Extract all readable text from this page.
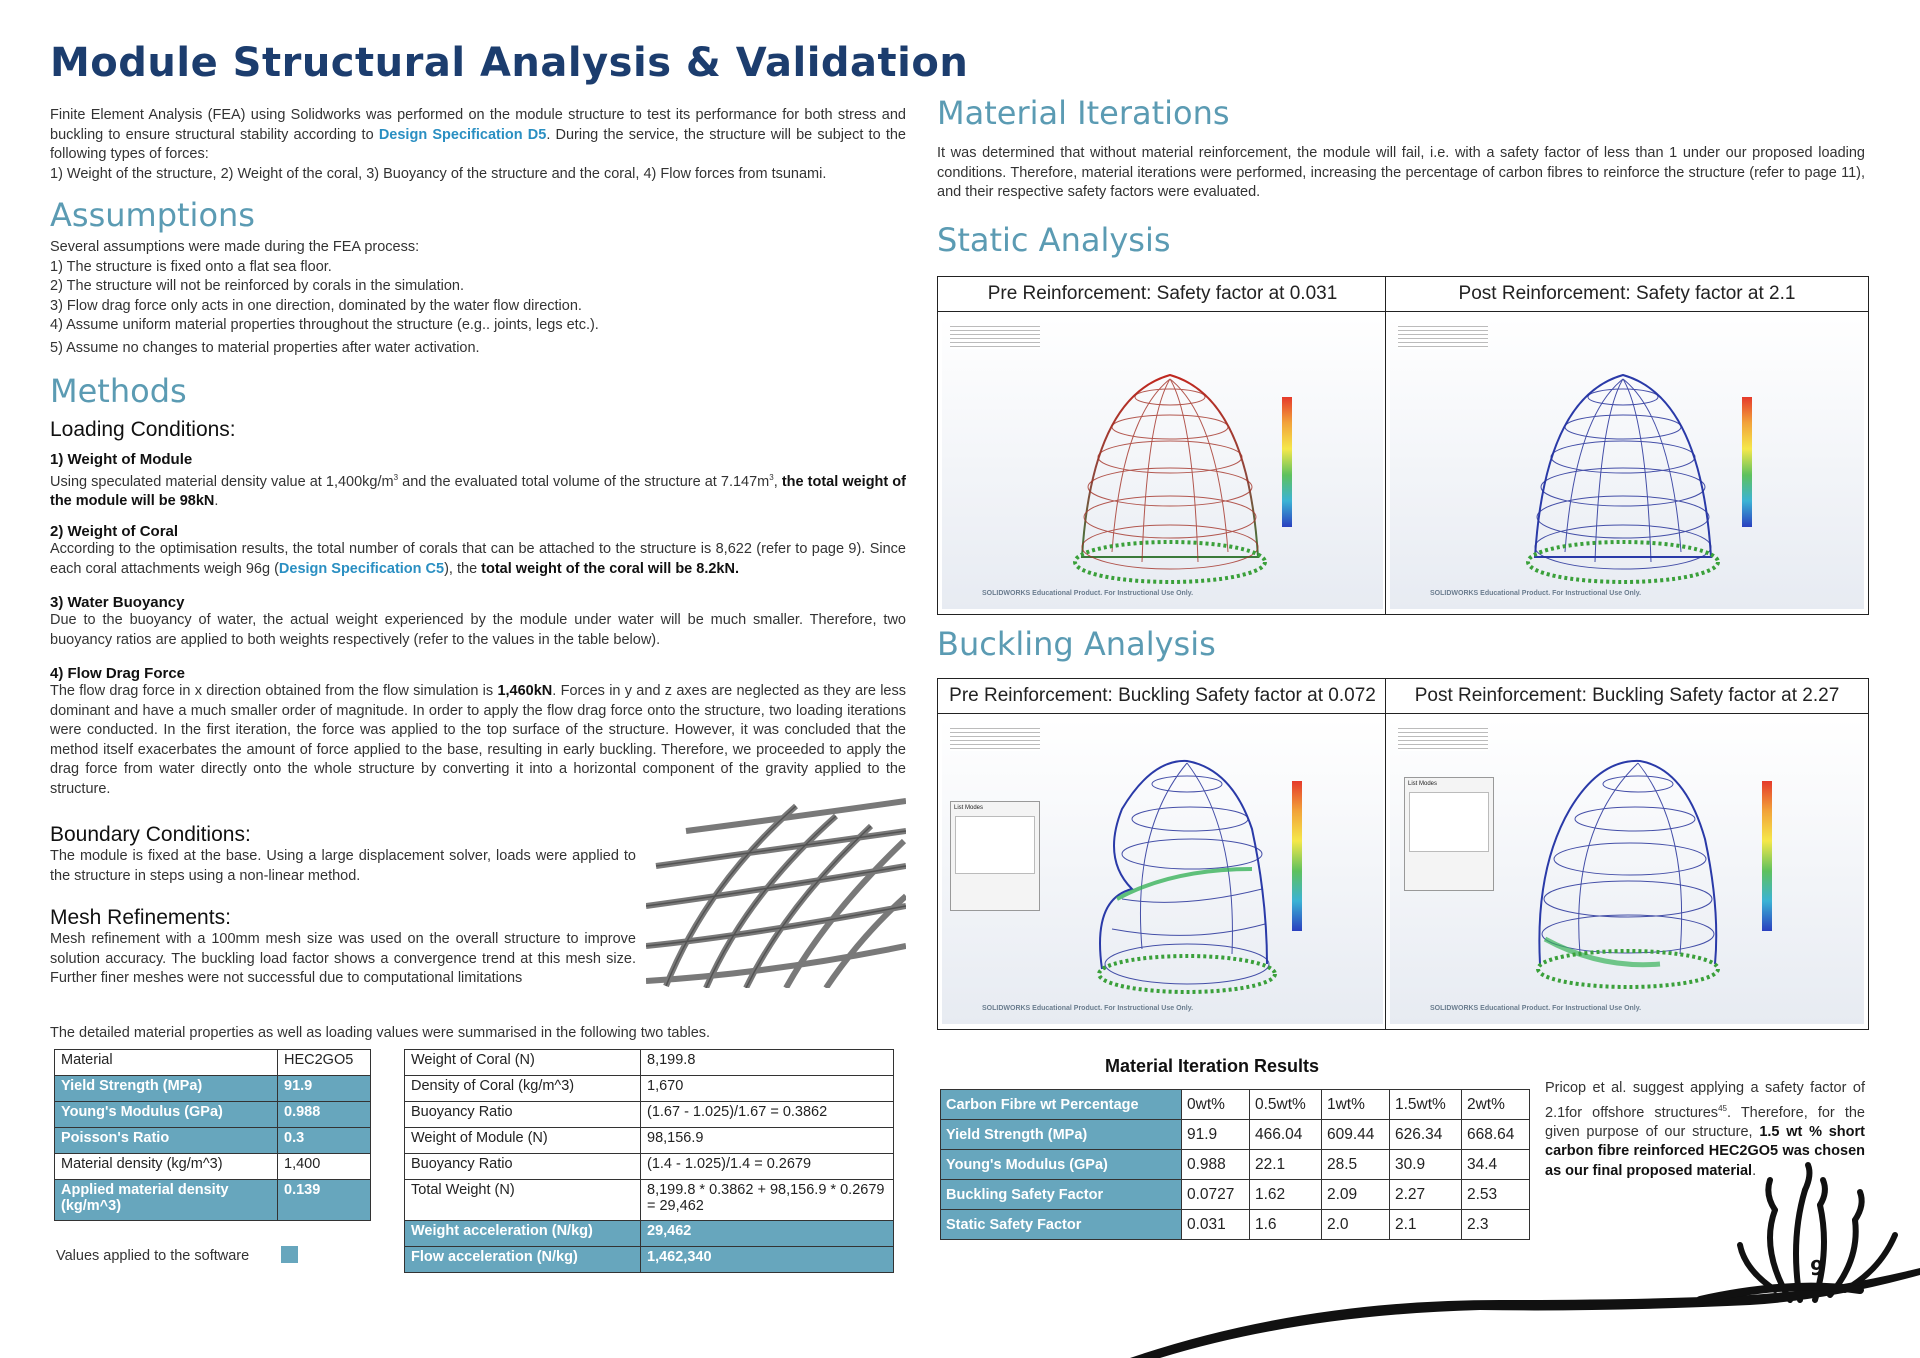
Module Structural Analysis & Validation

Finite Element Analysis (FEA) using Solidworks was performed on the module structure to test its performance for both stress and buckling to ensure structural stability according to Design Specification D5. During the service, the structure will be subject to the following types of forces:
1) Weight of the structure, 2) Weight of the coral, 3) Buoyancy of the structure and the coral, 4) Flow forces from tsunami.

Assumptions

Several assumptions were made during the FEA process:
1) The structure is fixed onto a flat sea floor.
2) The structure will not be reinforced by corals in the simulation.
3) Flow drag force only acts in one direction, dominated by the water flow direction.
4) Assume uniform material properties throughout the structure (e.g.. joints, legs etc.).
5) Assume no changes to material properties after water activation.

Methods
Loading Conditions:

1) Weight of Module

Using speculated material density value at $1,400kg/m^3$ and the evaluated total volume of the structure at $7.147m^3$, the total weight of the module will be 98kN.

2) Weight of Coral

According to the optimisation results, the total number of corals that can be attached to the structure is 8,622 (refer to page 9). Since each coral attachments weigh 96g (Design Specification C5), the total weight of the coral will be 8.2kN.

3) Water Buoyancy

Due to the buoyancy of water, the actual weight experienced by the module under water will be much smaller. Therefore, two buoyancy ratios are applied to both weights respectively (refer to the values in the table below).

4) Flow Drag Force

The flow drag force in x direction obtained from the flow simulation is 1,460kN. Forces in y and z axes are neglected as they are less dominant and have a much smaller order of magnitude. In order to apply the flow drag force onto the structure, two loading iterations were conducted. In the first iteration, the force was applied to the top surface of the structure. However, it was concluded that the method itself exacerbates the amount of force applied to the base, resulting in early buckling. Therefore, we proceeded to apply the drag force from water directly onto the whole structure by converting it into a horizontal component of the gravity applied to the structure.

Boundary Conditions:

The module is fixed at the base. Using a large displacement solver, loads were applied to the structure in steps using a non-linear method.

Mesh Refinements:

Mesh refinement with a 100mm mesh size was used on the overall structure to improve solution accuracy. The buckling load factor shows a convergence trend at this mesh size. Further finer meshes were not successful due to computational limitations

The detailed material properties as well as loading values were summarised in the following two tables.

Material	HEC2GO5
Yield Strength (MPa)	91.9
Young's Modulus (GPa)	0.988
Poisson's Ratio	0.3
Material density (kg/m^3)	1,400
Applied material density (kg/m^3)	0.139
Values applied to the software
Weight of Coral (N)	8,199.8
Density of Coral (kg/m^3)	1,670
Buoyancy Ratio	(1.67 - 1.025)/1.67 = 0.3862
Weight of Module (N)	98,156.9
Buoyancy Ratio	(1.4 - 1.025)/1.4 = 0.2679
Total Weight (N)	8,199.8 * 0.3862 + 98,156.9 * 0.2679 = 29,462
Weight acceleration (N/kg)	29,462
Flow acceleration (N/kg)	1,462,340
Material Iterations

It was determined that without material reinforcement, the module will fail, i.e. with a safety factor of less than 1 under our proposed loading conditions. Therefore, material iterations were performed, increasing the percentage of carbon fibres to reinforce the structure (refer to page 11), and their respective safety factors were evaluated.

Static Analysis
Pre Reinforcement: Safety factor at 0.031
SOLIDWORKS Educational Product. For Instructional Use Only.
Post Reinforcement: Safety factor at 2.1
SOLIDWORKS Educational Product. For Instructional Use Only.
Buckling Analysis
Pre Reinforcement: Buckling Safety factor at 0.072
List Modes
SOLIDWORKS Educational Product. For Instructional Use Only.
Post Reinforcement: Buckling Safety factor at 2.27
List Modes
SOLIDWORKS Educational Product. For Instructional Use Only.
Material Iteration Results
Carbon Fibre wt Percentage	0wt%	0.5wt%	1wt%	1.5wt%	2wt%
Yield Strength (MPa)	91.9	466.04	609.44	626.34	668.64
Young's Modulus (GPa)	0.988	22.1	28.5	30.9	34.4
Buckling Safety Factor	0.0727	1.62	2.09	2.27	2.53
Static Safety Factor	0.031	1.6	2.0	2.1	2.3

Pricop et al. suggest applying a safety factor of 2.1for offshore structures$^{45}$. Therefore, for the given purpose of our structure, 1.5 wt % short carbon fibre reinforced HEC2GO5 was chosen as our final proposed material.

9
